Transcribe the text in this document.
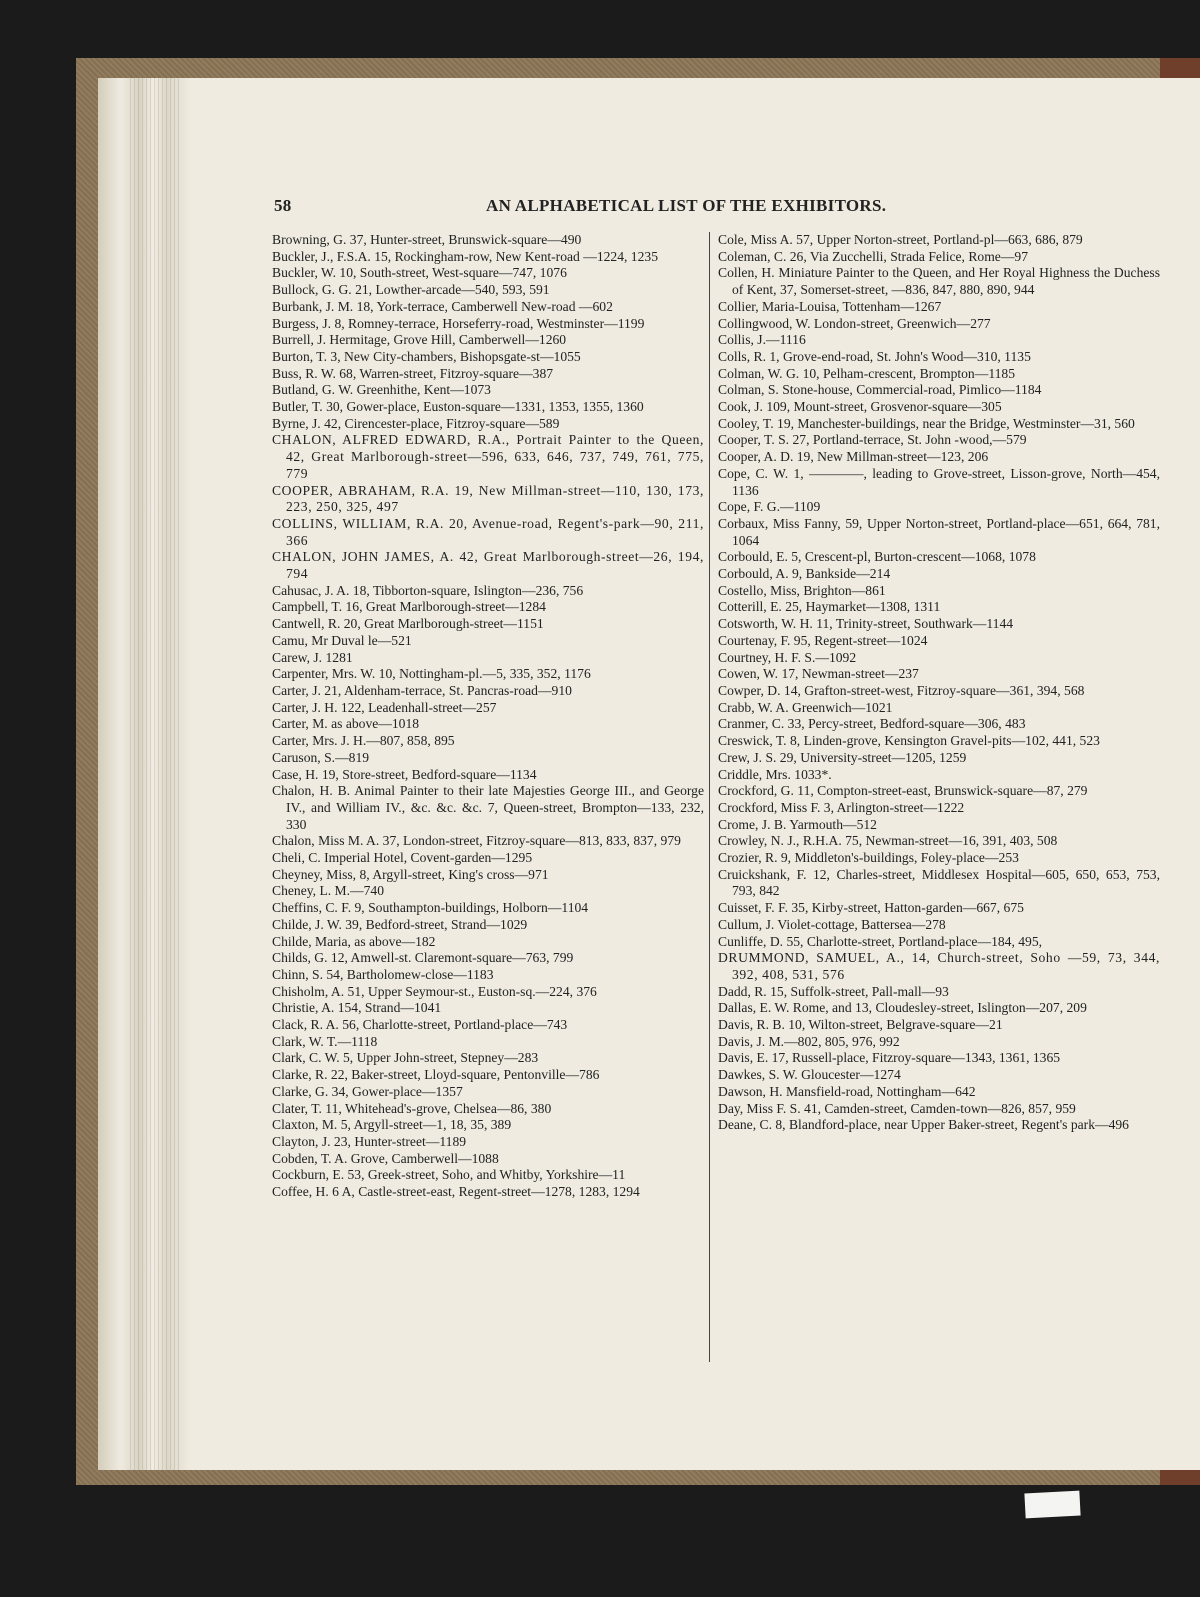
58	AN ALPHABETICAL LIST OF THE EXHIBITORS.

Browning, G. 37, Hunter-street, Brunswick-square—490

Buckler, J., F.S.A. 15, Rockingham-row, New Kent-road —1224, 1235

Buckler, W. 10, South-street, West-square—747, 1076

Bullock, G. G. 21, Lowther-arcade—540, 593, 591

Burbank, J. M. 18, York-terrace, Camberwell New-road —602

Burgess, J. 8, Romney-terrace, Horseferry-road, Westminster—1199

Burrell, J. Hermitage, Grove Hill, Camberwell—1260

Burton, T. 3, New City-chambers, Bishopsgate-st—1055

Buss, R. W. 68, Warren-street, Fitzroy-square—387

Butland, G. W. Greenhithe, Kent—1073

Butler, T. 30, Gower-place, Euston-square—1331, 1353, 1355, 1360

Byrne, J. 42, Cirencester-place, Fitzroy-square—589

CHALON, ALFRED EDWARD, R.A., Portrait Painter to the Queen, 42, Great Marlborough-street—596, 633, 646, 737, 749, 761, 775, 779

COOPER, ABRAHAM, R.A. 19, New Millman-street—110, 130, 173, 223, 250, 325, 497

COLLINS, WILLIAM, R.A. 20, Avenue-road, Regent's-park—90, 211, 366

CHALON, JOHN JAMES, A. 42, Great Marlborough-street—26, 194, 794

Cahusac, J. A. 18, Tibborton-square, Islington—236, 756

Campbell, T. 16, Great Marlborough-street—1284

Cantwell, R. 20, Great Marlborough-street—1151

Camu, Mr Duval le—521

Carew, J. 1281

Carpenter, Mrs. W. 10, Nottingham-pl.—5, 335, 352, 1176

Carter, J. 21, Aldenham-terrace, St. Pancras-road—910

Carter, J. H. 122, Leadenhall-street—257

Carter, M. as above—1018

Carter, Mrs. J. H.—807, 858, 895

Caruson, S.—819

Case, H. 19, Store-street, Bedford-square—1134

Chalon, H. B. Animal Painter to their late Majesties George III., and George IV., and William IV., &c. &c. &c. 7, Queen-street, Brompton—133, 232, 330

Chalon, Miss M. A. 37, London-street, Fitzroy-square—813, 833, 837, 979

Cheli, C. Imperial Hotel, Covent-garden—1295

Cheyney, Miss, 8, Argyll-street, King's cross—971

Cheney, L. M.—740

Cheffins, C. F. 9, Southampton-buildings, Holborn—1104

Childe, J. W. 39, Bedford-street, Strand—1029

Childe, Maria, as above—182

Childs, G. 12, Amwell-st. Claremont-square—763, 799

Chinn, S. 54, Bartholomew-close—1183

Chisholm, A. 51, Upper Seymour-st., Euston-sq.—224, 376

Christie, A. 154, Strand—1041

Clack, R. A. 56, Charlotte-street, Portland-place—743

Clark, W. T.—1118

Clark, C. W. 5, Upper John-street, Stepney—283

Clarke, R. 22, Baker-street, Lloyd-square, Pentonville—786

Clarke, G. 34, Gower-place—1357

Clater, T. 11, Whitehead's-grove, Chelsea—86, 380

Claxton, M. 5, Argyll-street—1, 18, 35, 389

Clayton, J. 23, Hunter-street—1189

Cobden, T. A. Grove, Camberwell—1088

Cockburn, E. 53, Greek-street, Soho, and Whitby, Yorkshire—11

Coffee, H. 6 A, Castle-street-east, Regent-street—1278, 1283, 1294

Cole, Miss A. 57, Upper Norton-street, Portland-pl—663, 686, 879

Coleman, C. 26, Via Zucchelli, Strada Felice, Rome—97

Collen, H. Miniature Painter to the Queen, and Her Royal Highness the Duchess of Kent, 37, Somerset-street, —836, 847, 880, 890, 944

Collier, Maria-Louisa, Tottenham—1267

Collingwood, W. London-street, Greenwich—277

Collis, J.—1116

Colls, R. 1, Grove-end-road, St. John's Wood—310, 1135

Colman, W. G. 10, Pelham-crescent, Brompton—1185

Colman, S. Stone-house, Commercial-road, Pimlico—1184

Cook, J. 109, Mount-street, Grosvenor-square—305

Cooley, T. 19, Manchester-buildings, near the Bridge, Westminster—31, 560

Cooper, T. S. 27, Portland-terrace, St. John -wood,—579

Cooper, A. D. 19, New Millman-street—123, 206

Cope, C. W. 1, ————, leading to Grove-street, Lisson-grove, North—454, 1136

Cope, F. G.—1109

Corbaux, Miss Fanny, 59, Upper Norton-street, Portland-place—651, 664, 781, 1064

Corbould, E. 5, Crescent-pl, Burton-crescent—1068, 1078

Corbould, A. 9, Bankside—214

Costello, Miss, Brighton—861

Cotterill, E. 25, Haymarket—1308, 1311

Cotsworth, W. H. 11, Trinity-street, Southwark—1144

Courtenay, F. 95, Regent-street—1024

Courtney, H. F. S.—1092

Cowen, W. 17, Newman-street—237

Cowper, D. 14, Grafton-street-west, Fitzroy-square—361, 394, 568

Crabb, W. A. Greenwich—1021

Cranmer, C. 33, Percy-street, Bedford-square—306, 483

Creswick, T. 8, Linden-grove, Kensington Gravel-pits—102, 441, 523

Crew, J. S. 29, University-street—1205, 1259

Criddle, Mrs. 1033*.

Crockford, G. 11, Compton-street-east, Brunswick-square—87, 279

Crockford, Miss F. 3, Arlington-street—1222

Crome, J. B. Yarmouth—512

Crowley, N. J., R.H.A. 75, Newman-street—16, 391, 403, 508

Crozier, R. 9, Middleton's-buildings, Foley-place—253

Cruickshank, F. 12, Charles-street, Middlesex Hospital—605, 650, 653, 753, 793, 842

Cuisset, F. F. 35, Kirby-street, Hatton-garden—667, 675

Cullum, J. Violet-cottage, Battersea—278

Cunliffe, D. 55, Charlotte-street, Portland-place—184, 495,

DRUMMOND, SAMUEL, A., 14, Church-street, Soho —59, 73, 344, 392, 408, 531, 576

Dadd, R. 15, Suffolk-street, Pall-mall—93

Dallas, E. W. Rome, and 13, Cloudesley-street, Islington—207, 209

Davis, R. B. 10, Wilton-street, Belgrave-square—21

Davis, J. M.—802, 805, 976, 992

Davis, E. 17, Russell-place, Fitzroy-square—1343, 1361, 1365

Dawkes, S. W. Gloucester—1274

Dawson, H. Mansfield-road, Nottingham—642

Day, Miss F. S. 41, Camden-street, Camden-town—826, 857, 959

Deane, C. 8, Blandford-place, near Upper Baker-street, Regent's park—496
